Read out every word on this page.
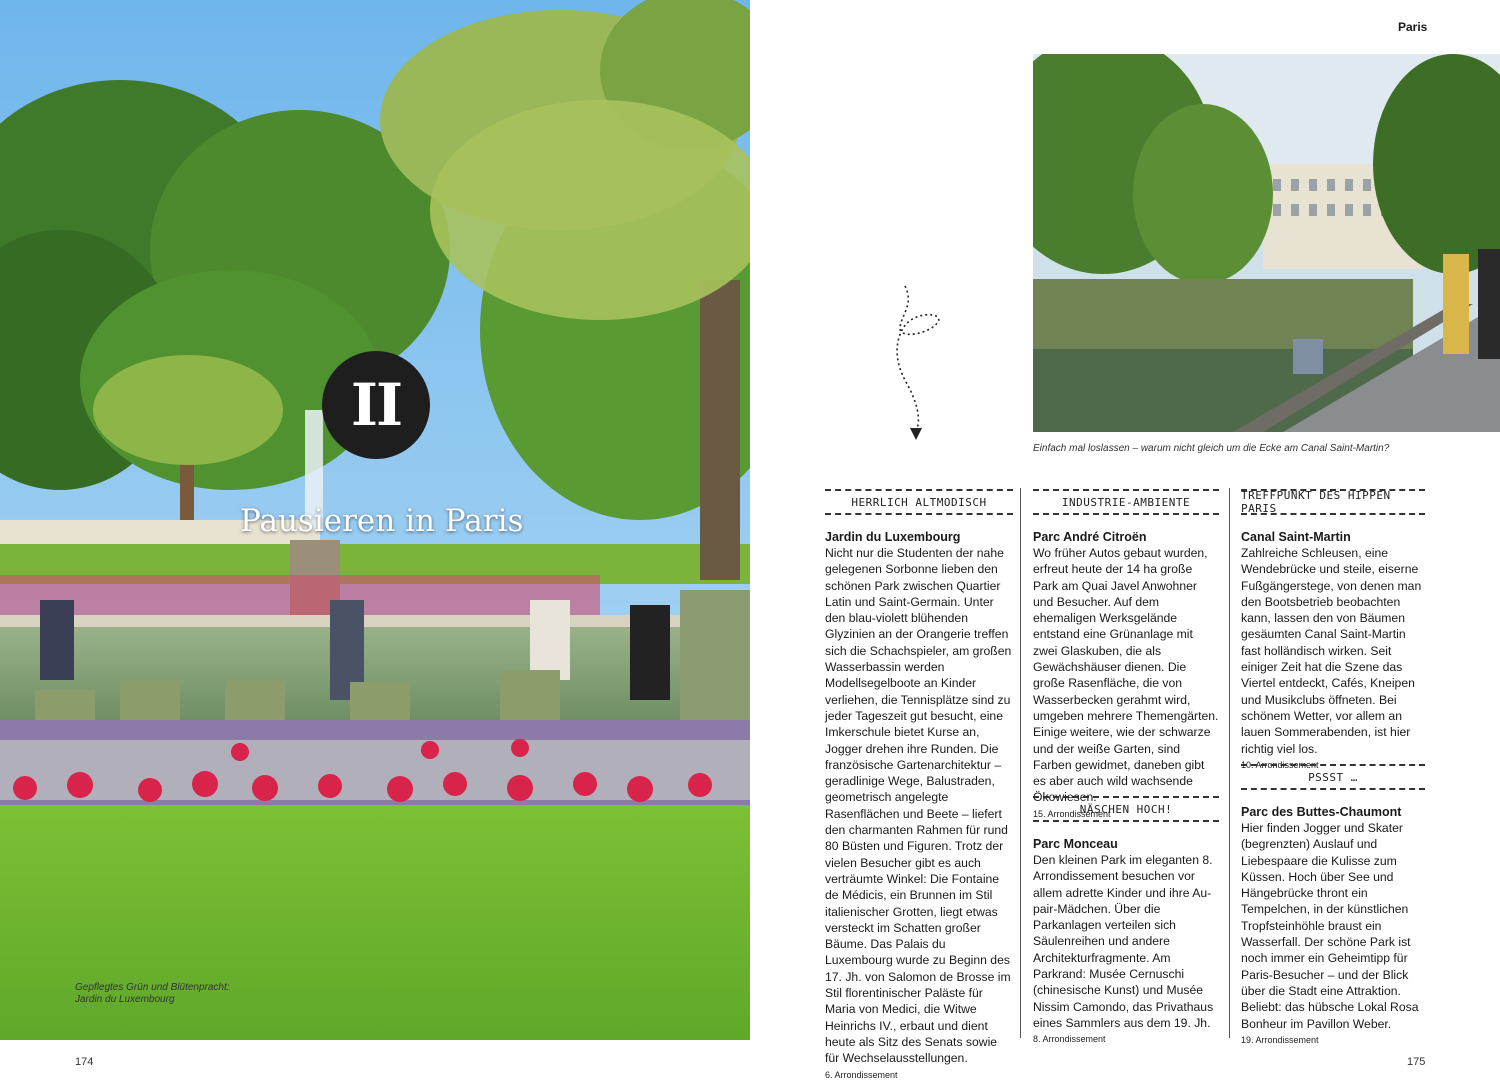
II
Pausieren in Paris
Gepflegtes Grün und Blütenpracht:
Jardin du Luxembourg
174
Paris
Einfach mal loslassen – warum nicht gleich um die Ecke am Canal Saint-Martin?
HERRLICH ALTMODISCH
Jardin du Luxembourg
Nicht nur die Studenten der nahe gelegenen Sorbonne lieben den schönen Park zwischen Quartier Latin und Saint-Germain. Unter den blau-violett blühenden Glyzinien an der Orangerie treffen sich die Schachspieler, am großen Wasserbassin werden Modellsegelboote an Kinder verliehen, die Tennisplätze sind zu jeder Tageszeit gut besucht, eine Imkerschule bietet Kurse an, Jogger drehen ihre Runden. Die französische Gartenarchitektur – geradlinige Wege, Balustraden, geometrisch angelegte Rasenflächen und Beete – liefert den charmanten Rahmen für rund 80 Büsten und Figuren. Trotz der vielen Besucher gibt es auch verträumte Winkel: Die Fontaine de Médicis, ein Brunnen im Stil italienischer Grotten, liegt etwas versteckt im Schatten großer Bäume. Das Palais du Luxembourg wurde zu Beginn des 17. Jh. von Salomon de Brosse im Stil florentinischer Paläste für Maria von Medici, die Witwe Heinrichs IV., erbaut und dient heute als Sitz des Senats sowie für Wechselausstellungen.
6. Arrondissement
INDUSTRIE-AMBIENTE
Parc André Citroën
Wo früher Autos gebaut wurden, erfreut heute der 14 ha große Park am Quai Javel Anwohner und Besucher. Auf dem ehemaligen Werksgelände entstand eine Grünanlage mit zwei Glaskuben, die als Gewächshäuser dienen. Die große Rasenfläche, die von Wasserbecken gerahmt wird, umgeben mehrere Themengärten. Einige weitere, wie der schwarze und der weiße Garten, sind Farben gewidmet, daneben gibt es aber auch wild wachsende Ökowiesen.
15. Arrondissement
NÄSCHEN HOCH!
Parc Monceau
Den kleinen Park im eleganten 8. Arrondissement besuchen vor allem adrette Kinder und ihre Au-pair-Mädchen. Über die Parkanlagen verteilen sich Säulenreihen und andere Architekturfragmente. Am Parkrand: Musée Cernuschi (chinesische Kunst) und Musée Nissim Camondo, das Privathaus eines Sammlers aus dem 19. Jh.
8. Arrondissement
TREFFPUNKT DES HIPPEN PARIS
Canal Saint-Martin
Zahlreiche Schleusen, eine Wendebrücke und steile, eiserne Fußgängerstege, von denen man den Bootsbetrieb beobachten kann, lassen den von Bäumen gesäumten Canal Saint-Martin fast holländisch wirken. Seit einiger Zeit hat die Szene das Viertel entdeckt, Cafés, Kneipen und Musikclubs öffneten. Bei schönem Wetter, vor allem an lauen Sommerabenden, ist hier richtig viel los.
10. Arrondissement
PSSST …
Parc des Buttes-Chaumont
Hier finden Jogger und Skater (begrenzten) Auslauf und Liebespaare die Kulisse zum Küssen. Hoch über See und Hängebrücke thront ein Tempelchen, in der künstlichen Tropfsteinhöhle braust ein Wasserfall. Der schöne Park ist noch immer ein Geheimtipp für Paris-Besucher – und der Blick über die Stadt eine Attraktion. Beliebt: das hübsche Lokal Rosa Bonheur im Pavillon Weber.
19. Arrondissement
175
